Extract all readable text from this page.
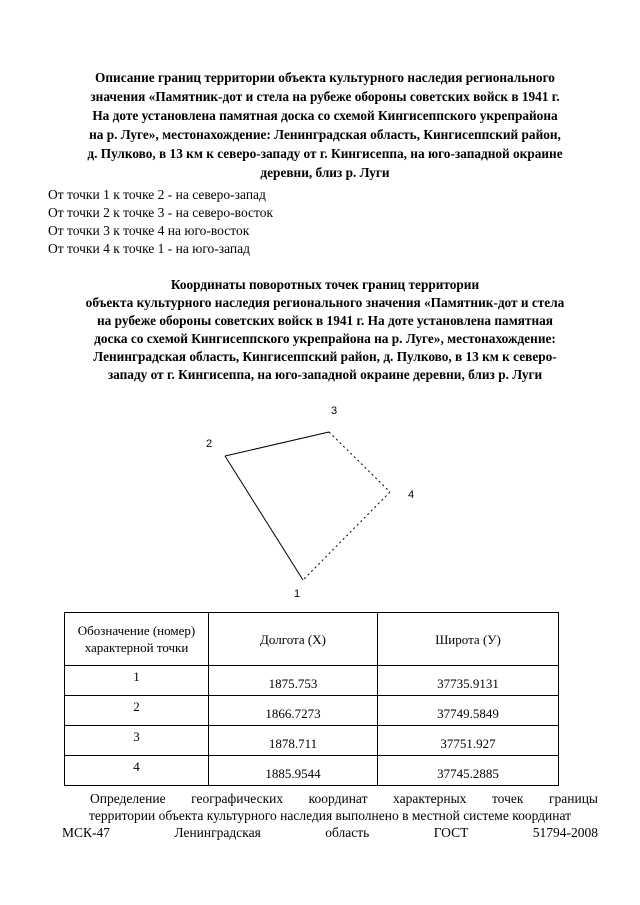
Описание границ территории объекта культурного наследия регионального
значения «Памятник-дот и стела на рубеже обороны советских войск в 1941 г.
На доте установлена памятная доска со схемой Кингисеппского укрепрайона
на р. Луге», местонахождение: Ленинградская область, Кингисеппский район,
д. Пулково, в 13 км к северо-западу от г. Кингисеппа, на юго-западной окраине
деревни, близ р. Луги
От точки 1 к точке 2 - на северо-запад
От точки 2 к точке 3 - на северо-восток
От точки 3 к точке 4 на юго-восток
От точки 4 к точке 1 - на юго-запад
Координаты поворотных точек границ территории
объекта культурного наследия регионального значения «Памятник-дот и стела
на рубеже обороны советских войск в 1941 г. На доте установлена памятная
доска со схемой Кингисеппского укрепрайона на р. Луге», местонахождение:
Ленинградская область, Кингисеппский район, д. Пулково, в 13 км к северо-
западу от г. Кингисеппа, на юго-западной окраине деревни, близ р. Луги
1
2
3
4
Обозначение (номер) характерной точки	Долгота (X)	Широта (У)

1	1875.753	37735.9131

2	1866.7273	37749.5849

3	1878.711	37751.927

4	1885.9544	37745.2885
Определение географических координат характерных точек границы
территории объекта культурного наследия выполнено в местной системе координат
МСК-47	Ленинградская	область	ГОСТ	51794-2008
